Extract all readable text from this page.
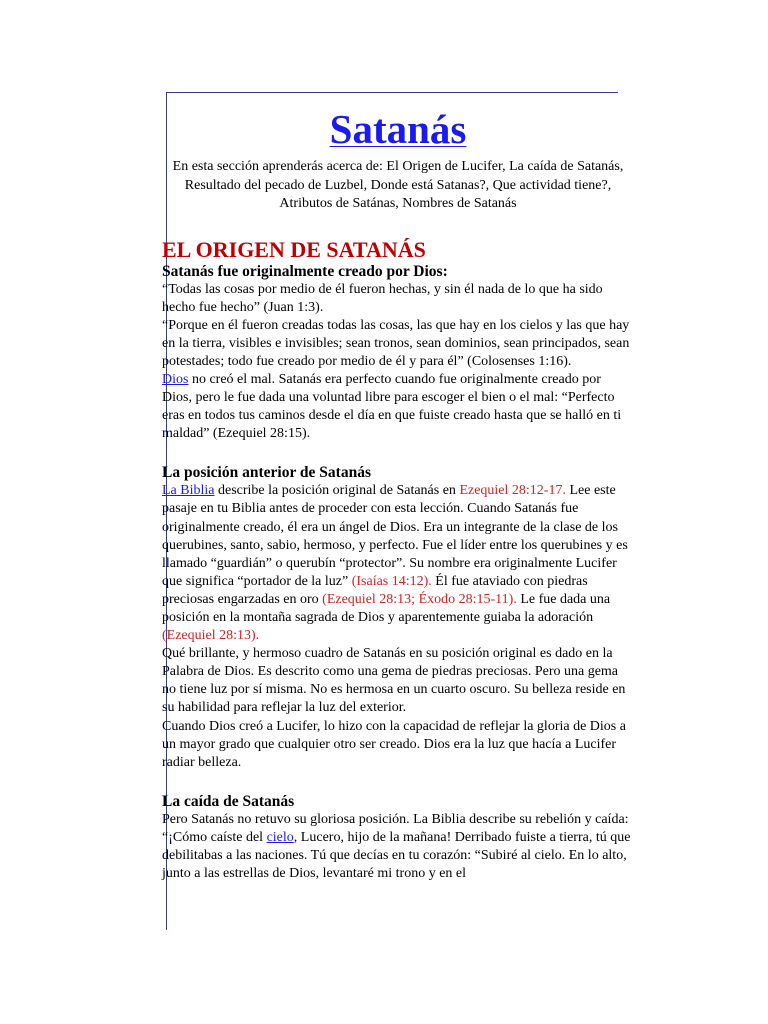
Satanás

En esta sección aprenderás acerca de: El Origen de Lucifer, La caída de Satanás, Resultado del pecado de Luzbel, Donde está Satanas?, Que actividad tiene?, Atributos de Satánas, Nombres de Satanás

EL ORIGEN DE SATANÁS
Satanás fue originalmente creado por Dios:

“Todas las cosas por medio de él fueron hechas, y sin él nada de lo que ha sido hecho fue hecho” (Juan 1:3).

“Porque en él fueron creadas todas las cosas, las que hay en los cielos y las que hay en la tierra, visibles e invisibles; sean tronos, sean dominios, sean principados, sean potestades; todo fue creado por medio de él y para él” (Colosenses 1:16).

Dios no creó el mal. Satanás era perfecto cuando fue originalmente creado por Dios, pero le fue dada una voluntad libre para escoger el bien o el mal: “Perfecto eras en todos tus caminos desde el día en que fuiste creado hasta que se halló en ti maldad” (Ezequiel 28:15).

La posición anterior de Satanás

La Biblia describe la posición original de Satanás en Ezequiel 28:12-17. Lee este pasaje en tu Biblia antes de proceder con esta lección. Cuando Satanás fue originalmente creado, él era un ángel de Dios. Era un integrante de la clase de los querubines, santo, sabio, hermoso, y perfecto. Fue el líder entre los querubines y es llamado “guardián” o querubín “protector”. Su nombre era originalmente Lucifer que significa “portador de la luz” (Isaías 14:12). Él fue ataviado con piedras preciosas engarzadas en oro (Ezequiel 28:13; Éxodo 28:15-11). Le fue dada una posición en la montaña sagrada de Dios y aparentemente guiaba la adoración (Ezequiel 28:13).

Qué brillante, y hermoso cuadro de Satanás en su posición original es dado en la Palabra de Dios. Es descrito como una gema de piedras preciosas. Pero una gema no tiene luz por sí misma. No es hermosa en un cuarto oscuro. Su belleza reside en su habilidad para reflejar la luz del exterior.

Cuando Dios creó a Lucifer, lo hizo con la capacidad de reflejar la gloria de Dios a un mayor grado que cualquier otro ser creado. Dios era la luz que hacía a Lucifer radiar belleza.

La caída de Satanás

Pero Satanás no retuvo su gloriosa posición. La Biblia describe su rebelión y caída:

“¡Cómo caíste del cielo, Lucero, hijo de la mañana! Derribado fuiste a tierra, tú que debilitabas a las naciones. Tú que decías en tu corazón: “Subiré al cielo. En lo alto, junto a las estrellas de Dios, levantaré mi trono y en el
